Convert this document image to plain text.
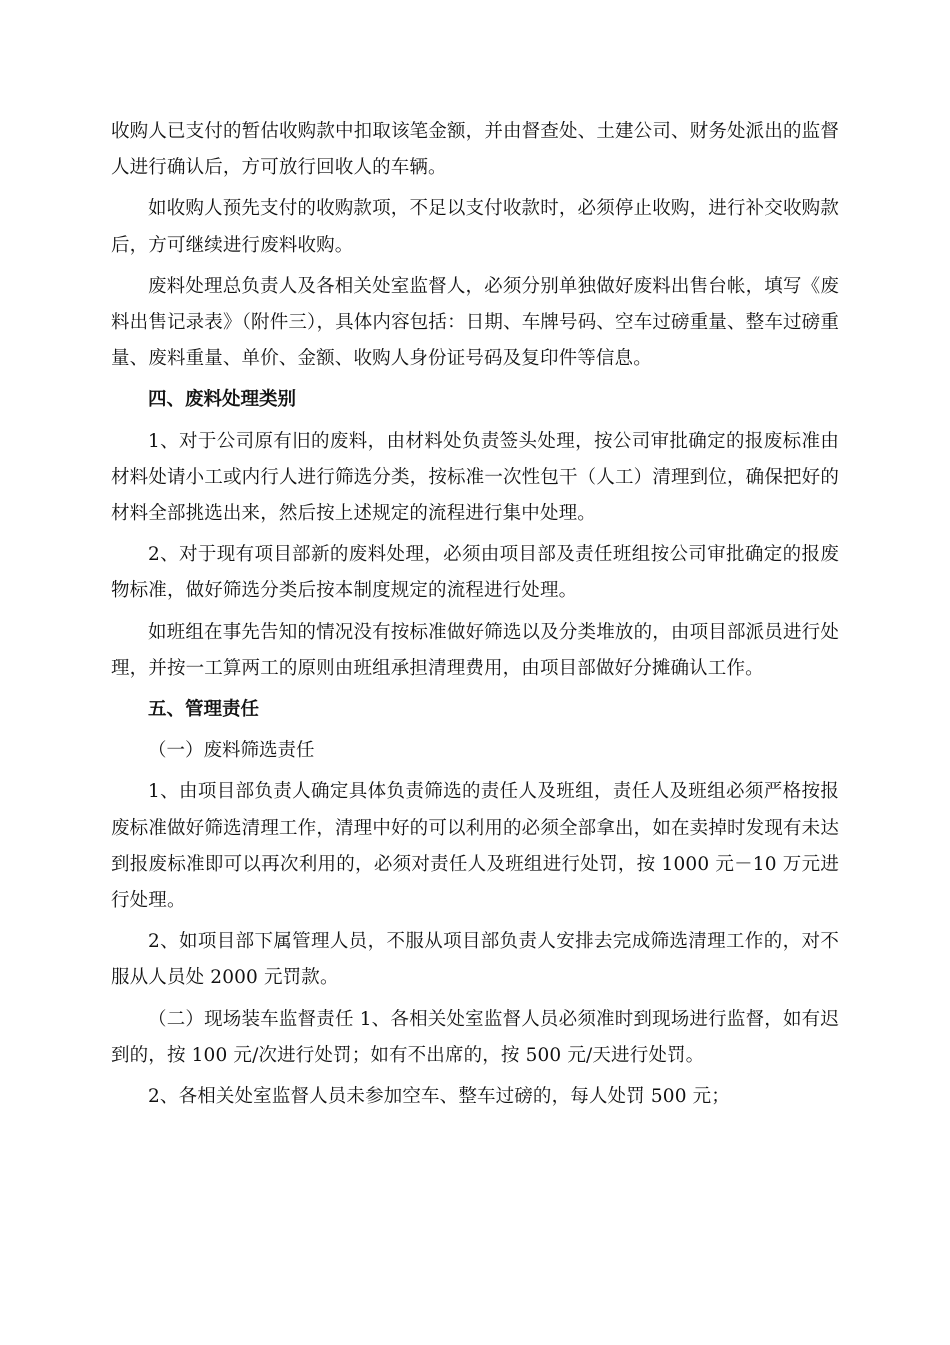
收购人已支付的暂估收购款中扣取该笔金额，并由督查处、土建公司、财务处派出的监督人进行确认后，方可放行回收人的车辆。

如收购人预先支付的收购款项，不足以支付收款时，必须停止收购，进行补交收购款后，方可继续进行废料收购。

废料处理总负责人及各相关处室监督人，必须分别单独做好废料出售台帐，填写《废料出售记录表》（附件三），具体内容包括：日期、车牌号码、空车过磅重量、整车过磅重量、废料重量、单价、金额、收购人身份证号码及复印件等信息。

四、废料处理类别

1、对于公司原有旧的废料，由材料处负责签头处理，按公司审批确定的报废标准由材料处请小工或内行人进行筛选分类，按标准一次性包干（人工）清理到位，确保把好的材料全部挑选出来，然后按上述规定的流程进行集中处理。

2、对于现有项目部新的废料处理，必须由项目部及责任班组按公司审批确定的报废物标准，做好筛选分类后按本制度规定的流程进行处理。

如班组在事先告知的情况没有按标准做好筛选以及分类堆放的，由项目部派员进行处理，并按一工算两工的原则由班组承担清理费用，由项目部做好分摊确认工作。

五、管理责任

（一）废料筛选责任

1、由项目部负责人确定具体负责筛选的责任人及班组，责任人及班组必须严格按报废标准做好筛选清理工作，清理中好的可以利用的必须全部拿出，如在卖掉时发现有未达到报废标准即可以再次利用的，必须对责任人及班组进行处罚，按 1000 元－10 万元进行处理。

2、如项目部下属管理人员，不服从项目部负责人安排去完成筛选清理工作的，对不服从人员处 2000 元罚款。

（二）现场装车监督责任 1、各相关处室监督人员必须准时到现场进行监督，如有迟到的，按 100 元/次进行处罚；如有不出席的，按 500 元/天进行处罚。

2、各相关处室监督人员未参加空车、整车过磅的，每人处罚 500 元；
